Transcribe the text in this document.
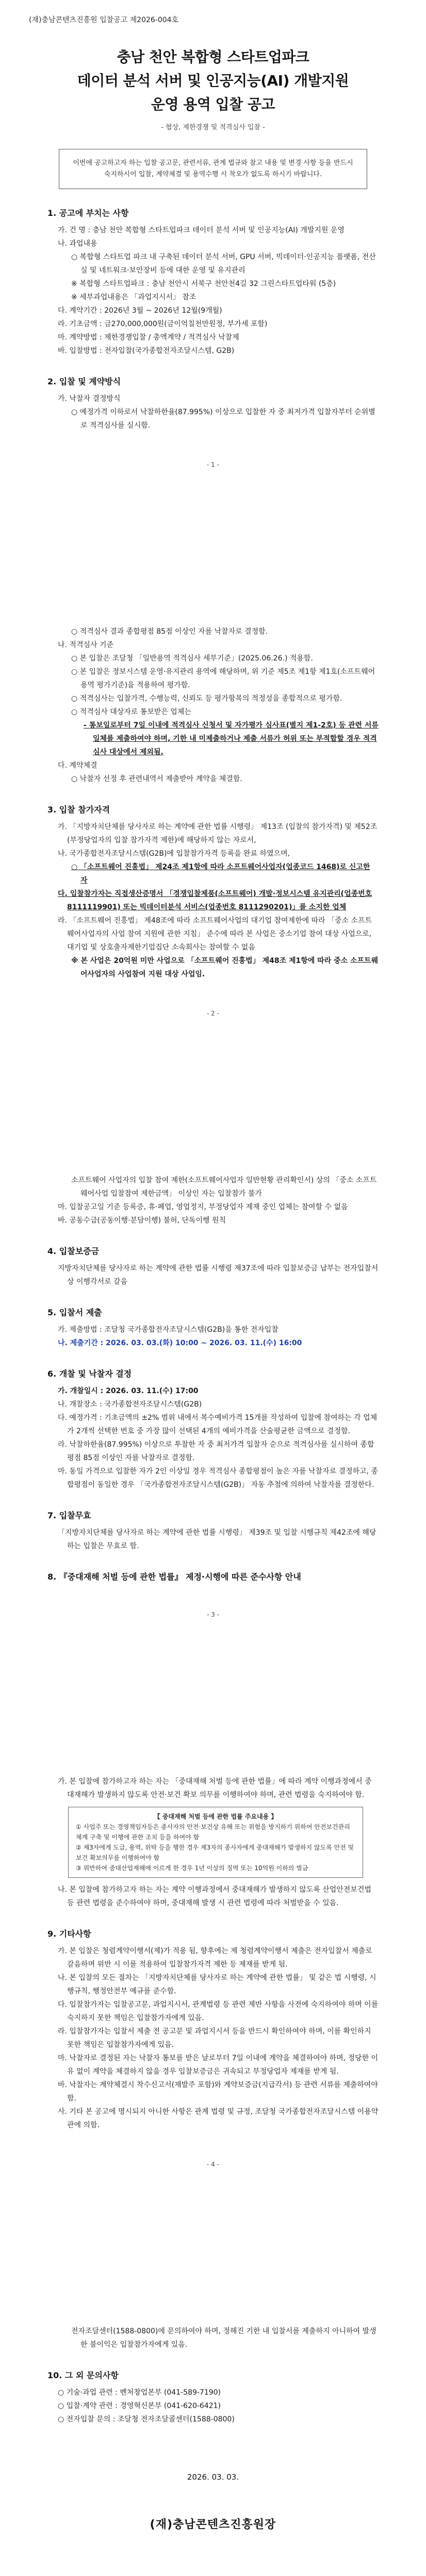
(재)충남콘텐츠진흥원 입찰공고 제2026-004호
충남 천안 복합형 스타트업파크
데이터 분석 서버 및 인공지능(AI) 개발지원
운영 용역 입찰 공고
- 협상, 제한경쟁 및 적격심사 입찰 -
이번에 공고하고자 하는 입찰 공고문, 관련서류, 관계 법규와 참고 내용 및 변경 사항 등을 반드시 숙지하시어 입찰, 계약체결 및 용역수행 시 착오가 없도록 하시기 바랍니다.
1. 공고에 부치는 사항
가. 건 명 : 충남 천안 복합형 스타트업파크 데이터 분석 서버 및 인공지능(AI) 개발지원 운영
나. 과업내용
○ 복합형 스타트업 파크 내 구축된 데이터 분석 서버, GPU 서버, 빅데이터·인공지능 플랫폼, 전산실 및 네트워크·보안장비 등에 대한 운영 및 유지관리
※ 복합형 스타트업파크 : 충남 천안시 서북구 천안천4길 32 그린스타트업타워 (5층)
※ 세부과업내용은 「과업지시서」 참조
다. 계약기간 : 2026년 3월 ~ 2026년 12월(9개월)
라. 기초금액 : 금270,000,000원(금이억칠천만원정, 부가세 포함)
마. 계약방법 : 제한경쟁입찰 / 총액계약 / 적격심사 낙찰제
바. 입찰방법 : 전자입찰(국가종합전자조달시스템, G2B)
2. 입찰 및 계약방식
가. 낙찰자 결정방식
○ 예정가격 이하로서 낙찰하한율(87.995%) 이상으로 입찰한 자 중 최저가격 입찰자부터 순위별로 적격심사를 실시함.
- 1 -
○ 적격심사 결과 종합평점 85점 이상인 자를 낙찰자로 결정함.
나. 적격심사 기준
○ 본 입찰은 조달청 「일반용역 적격심사 세부기준」(2025.06.26.) 적용함.
○ 본 입찰은 정보시스템 운영·유지관리 용역에 해당하며, 위 기준 제5조 제1항 제1호(소프트웨어용역 평가기준)을 적용하여 평가함.
○ 적격심사는 입찰가격, 수행능력, 신뢰도 등 평가항목의 적정성을 종합적으로 평가함.
○ 적격심사 대상자로 통보받은 업체는
- 통보일로부터 7일 이내에 적격심사 신청서 및 자가평가 심사표(별지 제1-2호) 등 관련 서류 일체를 제출하여야 하며, 기한 내 미제출하거나 제출 서류가 허위 또는 부적합할 경우 적격심사 대상에서 제외됨.
다. 계약체결
○ 낙찰자 선정 후 관련내역서 제출받아 계약을 체결함.
3. 입찰 참가자격
가. 「지방자치단체를 당사자로 하는 계약에 관한 법률 시행령」 제13조 (입찰의 참가자격) 및 제52조(부정당업자의 입찰 참가자격 제한)에 해당하지 않는 자로서,
나. 국가종합전자조달시스템(G2B)에 입찰참가자격 등록을 완료 하였으며,
○ 「소프트웨어 진흥법」 제24조 제1항에 따라 소프트웨어사업자(업종코드 1468)로 신고한 자
다. 입찰참가자는 직접생산증명서 「경쟁입찰제품(소프트웨어) 개발·정보시스템 유지관리(업종번호 8111119901) 또는 빅데이터분석 서비스(업종번호 8111290201)」를 소지한 업체
라. 「소프트웨어 진흥법」 제48조에 따라 소프트웨어사업의 대기업 참여제한에 따라 「중소 소프트웨어사업자의 사업 참여 지원에 관한 지침」 준수에 따라 본 사업은 중소기업 참여 대상 사업으로, 대기업 및 상호출자제한기업집단 소속회사는 참여할 수 없음
※ 본 사업은 20억원 미만 사업으로 「소프트웨어 진흥법」 제48조 제1항에 따라 중소 소프트웨어사업자의 사업참여 지원 대상 사업임.
- 2 -
소프트웨어 사업자의 입찰 참여 제한(소프트웨어사업자 일반현황 관리확인서) 상의 「중소 소프트웨어사업 입찰참여 제한금액」 이상인 자는 입찰참가 불가
마. 입찰공고일 기준 등록증, 휴·폐업, 영업정지, 부정당업자 제재 중인 업체는 참여할 수 없음
바. 공동수급(공동이행·분담이행) 불허, 단독이행 원칙
4. 입찰보증금
지방자치단체를 당사자로 하는 계약에 관한 법률 시행령 제37조에 따라 입찰보증금 납부는 전자입찰서 상 이행각서로 갈음
5. 입찰서 제출
가. 제출방법 : 조달청 국가종합전자조달시스템(G2B)을 통한 전자입찰
나. 제출기간 : 2026. 03. 03.(화) 10:00 ~ 2026. 03. 11.(수) 16:00
6. 개찰 및 낙찰자 결정
가. 개찰일시 : 2026. 03. 11.(수) 17:00
나. 개찰장소 : 국가종합전자조달시스템(G2B)
다. 예정가격 : 기초금액의 ±2% 범위 내에서 복수예비가격 15개를 작성하여 입찰에 참여하는 각 업체가 2개씩 선택한 번호 중 가장 많이 선택된 4개의 예비가격을 산술평균한 금액으로 결정함.
라. 낙찰하한율(87.995%) 이상으로 투찰한 자 중 최저가격 입찰자 순으로 적격심사를 실시하여 종합평점 85점 이상인 자를 낙찰자로 결정함.
마. 동일 가격으로 입찰한 자가 2인 이상일 경우 적격심사 종합평점이 높은 자를 낙찰자로 결정하고, 종합평점이 동일한 경우 「국가종합전자조달시스템(G2B)」 자동 추첨에 의하여 낙찰자를 결정한다.
7. 입찰무효
「지방자치단체를 당사자로 하는 계약에 관한 법률 시행령」 제39조 및 입찰 시행규칙 제42조에 해당하는 입찰은 무효로 함.
8. 『중대재해 처벌 등에 관한 법률』 제정·시행에 따른 준수사항 안내
- 3 -
가. 본 입찰에 참가하고자 하는 자는 「중대재해 처벌 등에 관한 법률」에 따라 계약 이행과정에서 중대재해가 발생하지 않도록 안전·보건 확보 의무를 이행하여야 하며, 관련 법령을 숙지하여야 함.
【 중대재해 처벌 등에 관한 법률 주요내용 】
① 사업주 또는 경영책임자등은 종사자의 안전·보건상 유해 또는 위험을 방지하기 위하여 안전보건관리체계 구축 및 이행에 관한 조치 등을 하여야 함
② 제3자에게 도급, 용역, 위탁 등을 행한 경우 제3자의 종사자에게 중대재해가 발생하지 않도록 안전 및 보건 확보의무를 이행하여야 함
③ 위반하여 중대산업재해에 이르게 한 경우 1년 이상의 징역 또는 10억원 이하의 벌금
나. 본 입찰에 참가하고자 하는 자는 계약 이행과정에서 중대재해가 발생하지 않도록 산업안전보건법 등 관련 법령을 준수하여야 하며, 중대재해 발생 시 관련 법령에 따라 처벌받을 수 있음.
9. 기타사항
가. 본 입찰은 청렴계약이행서(제)가 적용 됨, 향후에는 제 청렴계약이행서 제출은 전자입찰서 제출로 갈음하며 위반 시 이를 적용하여 입찰참가자격 제한 등 제재를 받게 됨.
나. 본 입찰의 모든 절차는 「지방자치단체를 당사자로 하는 계약에 관한 법률」 및 같은 법 시행령, 시행규칙, 행정안전부 예규를 준수함.
다. 입찰참가자는 입찰공고문, 과업지시서, 관계법령 등 관련 제반 사항을 사전에 숙지하여야 하며 이를 숙지하지 못한 책임은 입찰참가자에게 있음.
라. 입찰참가자는 입찰서 제출 전 공고문 및 과업지시서 등을 반드시 확인하여야 하며, 이를 확인하지 못한 책임은 입찰참가자에게 있음.
마. 낙찰자로 결정된 자는 낙찰자 통보를 받은 날로부터 7일 이내에 계약을 체결하여야 하며, 정당한 이유 없이 계약을 체결하지 않을 경우 입찰보증금은 귀속되고 부정당업자 제재를 받게 됨.
바. 낙찰자는 계약체결시 착수신고서(재발주 포함)와 계약보증금(지급각서) 등 관련 서류를 제출하여야 함.
사. 기타 본 공고에 명시되지 아니한 사항은 관계 법령 및 규정, 조달청 국가종합전자조달시스템 이용약관에 의함.
- 4 -
전자조달센터(1588-0800)에 문의하여야 하며, 정해진 기한 내 입찰서를 제출하지 아니하여 발생한 불이익은 입찰참가자에게 있음.
10. 그 외 문의사항
○ 기술·과업 관련 : 벤처창업본부 (041-589-7190)
○ 입찰·계약 관련 : 경영혁신본부 (041-620-6421)
○ 전자입찰 문의 : 조달청 전자조달콜센터(1588-0800)
2026. 03. 03.
(재)충남콘텐츠진흥원장
